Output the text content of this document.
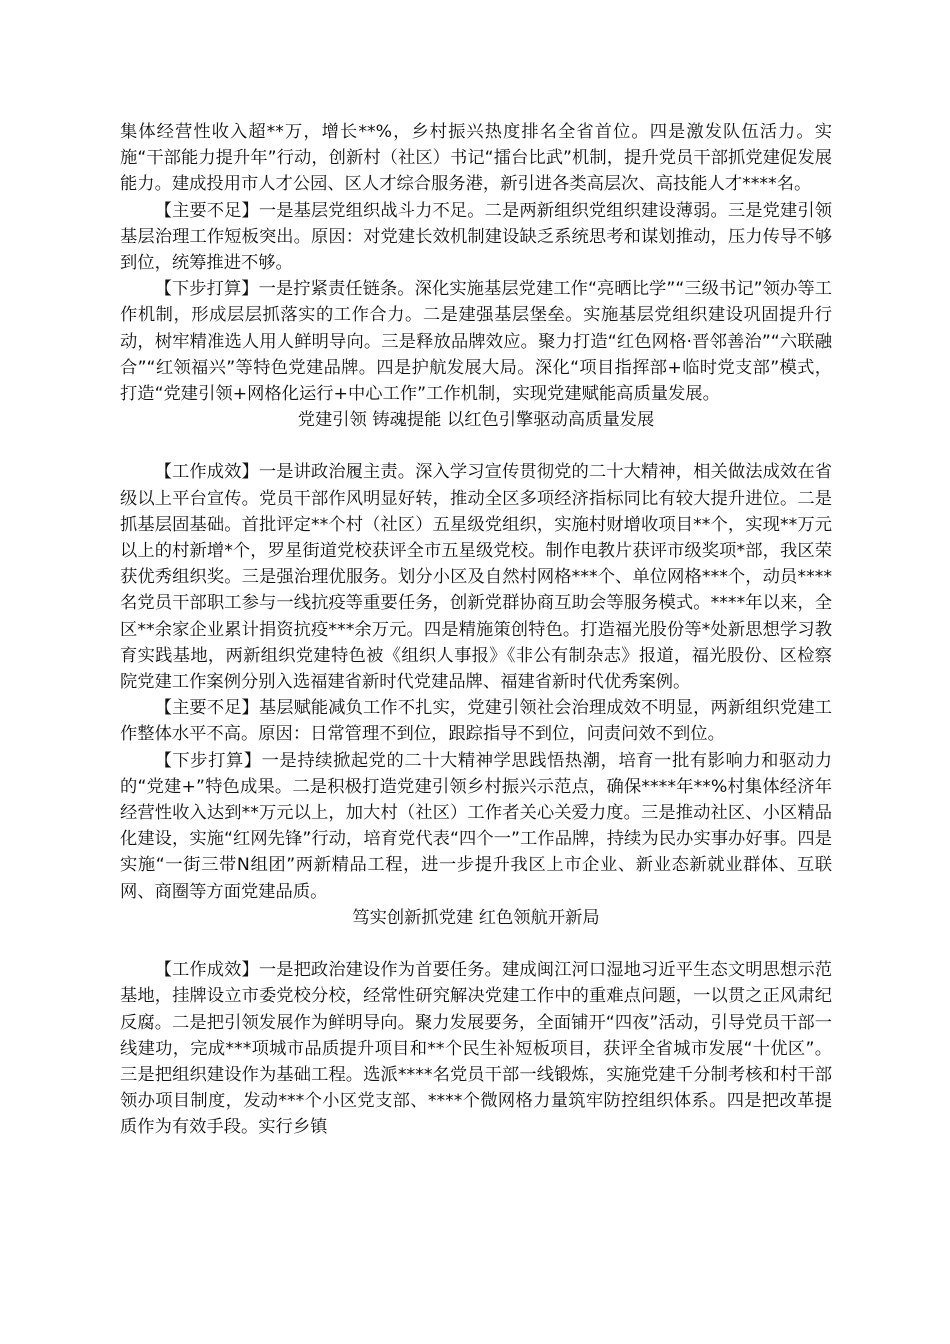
集体经营性收入超**万，增长**%，乡村振兴热度排名全省首位。四是激发队伍活力。实施“干部能力提升年”行动，创新村（社区）书记“擂台比武”机制，提升党员干部抓党建促发展能力。建成投用市人才公园、区人才综合服务港，新引进各类高层次、高技能人才****名。

【主要不足】一是基层党组织战斗力不足。二是两新组织党组织建设薄弱。三是党建引领基层治理工作短板突出。原因：对党建长效机制建设缺乏系统思考和谋划推动，压力传导不够到位，统筹推进不够。

【下步打算】一是拧紧责任链条。深化实施基层党建工作“亮晒比学”“三级书记”领办等工作机制，形成层层抓落实的工作合力。二是建强基层堡垒。实施基层党组织建设巩固提升行动，树牢精准选人用人鲜明导向。三是释放品牌效应。聚力打造“红色网格·晋邻善治”“六联融合”“红领福兴”等特色党建品牌。四是护航发展大局。深化“项目指挥部+临时党支部”模式，打造“党建引领+网格化运行+中心工作”工作机制，实现党建赋能高质量发展。

党建引领 铸魂提能 以红色引擎驱动高质量发展

【工作成效】一是讲政治履主责。深入学习宣传贯彻党的二十大精神，相关做法成效在省级以上平台宣传。党员干部作风明显好转，推动全区多项经济指标同比有较大提升进位。二是抓基层固基础。首批评定**个村（社区）五星级党组织，实施村财增收项目**个，实现**万元以上的村新增*个，罗星街道党校获评全市五星级党校。制作电教片获评市级奖项*部，我区荣获优秀组织奖。三是强治理优服务。划分小区及自然村网格***个、单位网格***个，动员****名党员干部职工参与一线抗疫等重要任务，创新党群协商互助会等服务模式。****年以来，全区**余家企业累计捐资抗疫***余万元。四是精施策创特色。打造福光股份等*处新思想学习教育实践基地，两新组织党建特色被《组织人事报》《非公有制杂志》报道，福光股份、区检察院党建工作案例分别入选福建省新时代党建品牌、福建省新时代优秀案例。

【主要不足】基层赋能减负工作不扎实，党建引领社会治理成效不明显，两新组织党建工作整体水平不高。原因：日常管理不到位，跟踪指导不到位，问责问效不到位。

【下步打算】一是持续掀起党的二十大精神学思践悟热潮，培育一批有影响力和驱动力的“党建+”特色成果。二是积极打造党建引领乡村振兴示范点，确保****年**%村集体经济年经营性收入达到**万元以上，加大村（社区）工作者关心关爱力度。三是推动社区、小区精品化建设，实施“红网先锋”行动，培育党代表“四个一”工作品牌，持续为民办实事办好事。四是实施“一街三带N组团”两新精品工程，进一步提升我区上市企业、新业态新就业群体、互联网、商圈等方面党建品质。

笃实创新抓党建 红色领航开新局

【工作成效】一是把政治建设作为首要任务。建成闽江河口湿地习近平生态文明思想示范基地，挂牌设立市委党校分校，经常性研究解决党建工作中的重难点问题，一以贯之正风肃纪反腐。二是把引领发展作为鲜明导向。聚力发展要务，全面铺开“四夜”活动，引导党员干部一线建功，完成***项城市品质提升项目和**个民生补短板项目，获评全省城市发展“十优区”。三是把组织建设作为基础工程。选派****名党员干部一线锻炼，实施党建千分制考核和村干部领办项目制度，发动***个小区党支部、****个微网格力量筑牢防控组织体系。四是把改革提质作为有效手段。实行乡镇
